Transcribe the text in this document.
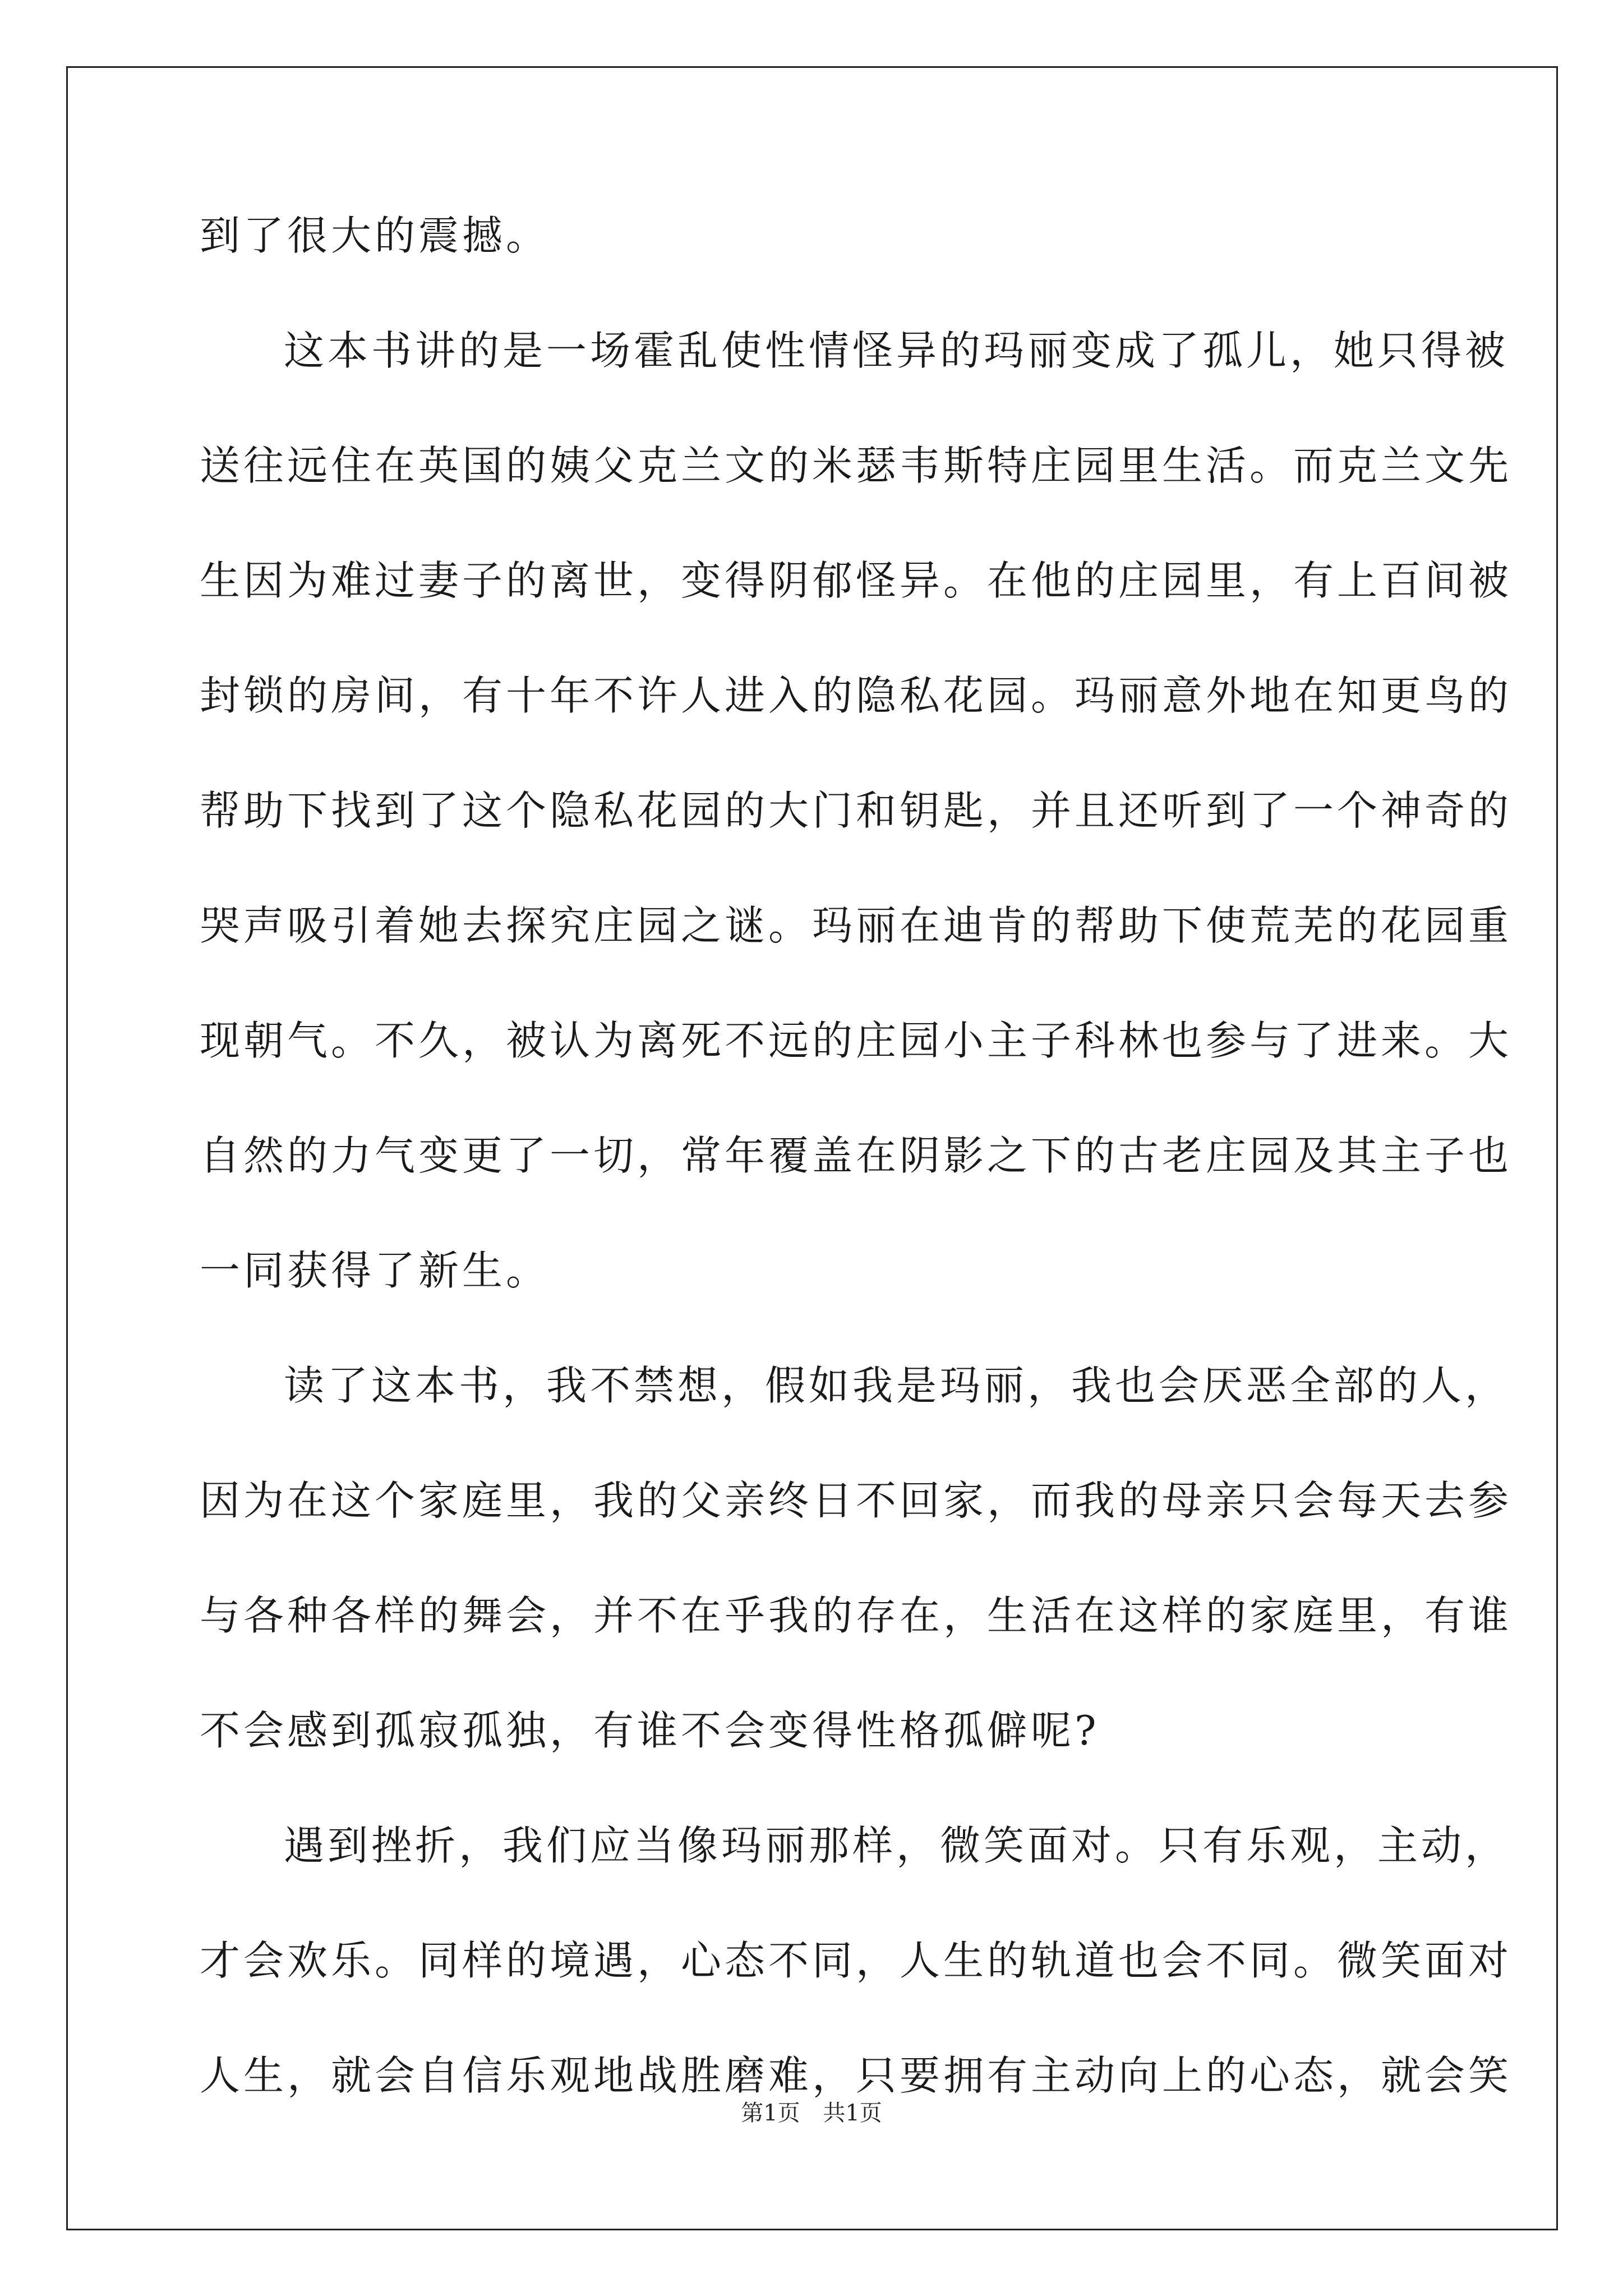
到了很大的震撼。
这本书讲的是一场霍乱使性情怪异的玛丽变成了孤儿，她只得被
送往远住在英国的姨父克兰文的米瑟韦斯特庄园里生活。而克兰文先
生因为难过妻子的离世，变得阴郁怪异。在他的庄园里，有上百间被
封锁的房间，有十年不许人进入的隐私花园。玛丽意外地在知更鸟的
帮助下找到了这个隐私花园的大门和钥匙，并且还听到了一个神奇的
哭声吸引着她去探究庄园之谜。玛丽在迪肯的帮助下使荒芜的花园重
现朝气。不久，被认为离死不远的庄园小主子科林也参与了进来。大
自然的力气变更了一切，常年覆盖在阴影之下的古老庄园及其主子也
一同获得了新生。
读了这本书，我不禁想，假如我是玛丽，我也会厌恶全部的人，
因为在这个家庭里，我的父亲终日不回家，而我的母亲只会每天去参
与各种各样的舞会，并不在乎我的存在，生活在这样的家庭里，有谁
不会感到孤寂孤独，有谁不会变得性格孤僻呢?
遇到挫折，我们应当像玛丽那样，微笑面对。只有乐观，主动，
才会欢乐。同样的境遇，心态不同，人生的轨道也会不同。微笑面对
人生，就会自信乐观地战胜磨难，只要拥有主动向上的心态，就会笑
第1页 共1页
